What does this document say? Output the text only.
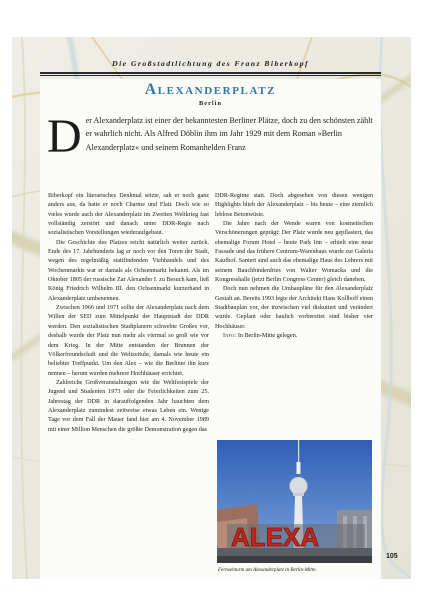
Die Großstadtlichtung des Franz Biberkopf
Alexanderplatz
Berlin
D er Alexanderplatz ist einer der bekanntesten Berliner Plätze, doch zu den schönsten zählt er wahrlich nicht. Als Alfred Döblin ihm im Jahr 1929 mit dem Roman »Berlin Alexanderplatz« und seinem Romanhelden Franz

Biberkopf ein literarisches Denkmal setzte, sah er noch ganz anders aus, da hatte er noch Charme und Flair. Doch wie so vieles wurde auch der Alexanderplatz im Zweiten Weltkrieg fast vollständig zerstört und danach unter DDR-Regie nach sozialistischen Vorstellungen wiederaufgebaut.

Die Geschichte des Platzes reicht natürlich weiter zurück. Ende des 17. Jahrhunderts lag er noch vor den Toren der Stadt, wegen des regelmäßig stattfindenden Viehhandels und des Wochenmarkts war er damals als Ochsenmarkt bekannt. Als im Oktober 1805 der russische Zar Alexander I. zu Besuch kam, ließ König Friedrich Wilhelm III. den Ochsenmarkt kurzerhand in Alexanderplatz umbenennen.

Zwischen 1966 und 1971 sollte der Alexanderplatz nach dem Willen der SED zum Mittelpunkt der Hauptstadt der DDR werden. Den sozialistischen Stadtplanern schwebte Großes vor, deshalb wurde der Platz nun mehr als viermal so groß wie vor dem Krieg. In der Mitte entstanden der Brunnen der Völkerfreundschaft und die Weltzeituhr, damals wie heute ein beliebter Treffpunkt. Um den Alex – wie die Berliner ihn kurz nennen – herum wurden mehrere Hochhäuser errichtet.

Zahlreiche Großveranstaltungen wie die Weltfestspiele der Jugend und Studenten 1973 oder die Feierlichkeiten zum 25. Jahrestag der DDR in darauffolgenden Jahr hauchten dem Alexanderplatz zumindest zeitweise etwas Leben ein. Wenige Tage vor dem Fall der Mauer fand hier am 4. November 1989 mit einer Million Menschen die größte Demonstration gegen das

DDR-Regime statt. Doch abgesehen von diesen wenigen Highlights blieb der Alexanderplatz – bis heute – eine ziemlich leblose Betonwüste.

Die Jahre nach der Wende waren von kosmetischen Verschönerungen geprägt: Der Platz wurde neu gepflastert, das ehemalige Forum Hotel – heute Park Inn – erhielt eine neue Fassade und das frühere Centrum-Warenhaus wurde zur Galeria Kaufhof. Saniert sind auch das ehemalige Haus des Lehrers mit seinem Bauchbindenfries von Walter Womacka und die Kongresshalle (jetzt Berlin Congress Center) gleich daneben.

Doch nun nehmen die Umbaupläne für den Alexanderplatz Gestalt an. Bereits 1993 legte der Architekt Hans Kollhoff einen Stadtbauplan vor, der inzwischen viel diskutiert und verändert wurde. Geplant oder baulich vorbereitet sind bisher vier Hochhäuser.

Info: In Berlin-Mitte gelegen.

ALEXA
Fernsehturm am Alexanderplatz in Berlin-Mitte.
105
